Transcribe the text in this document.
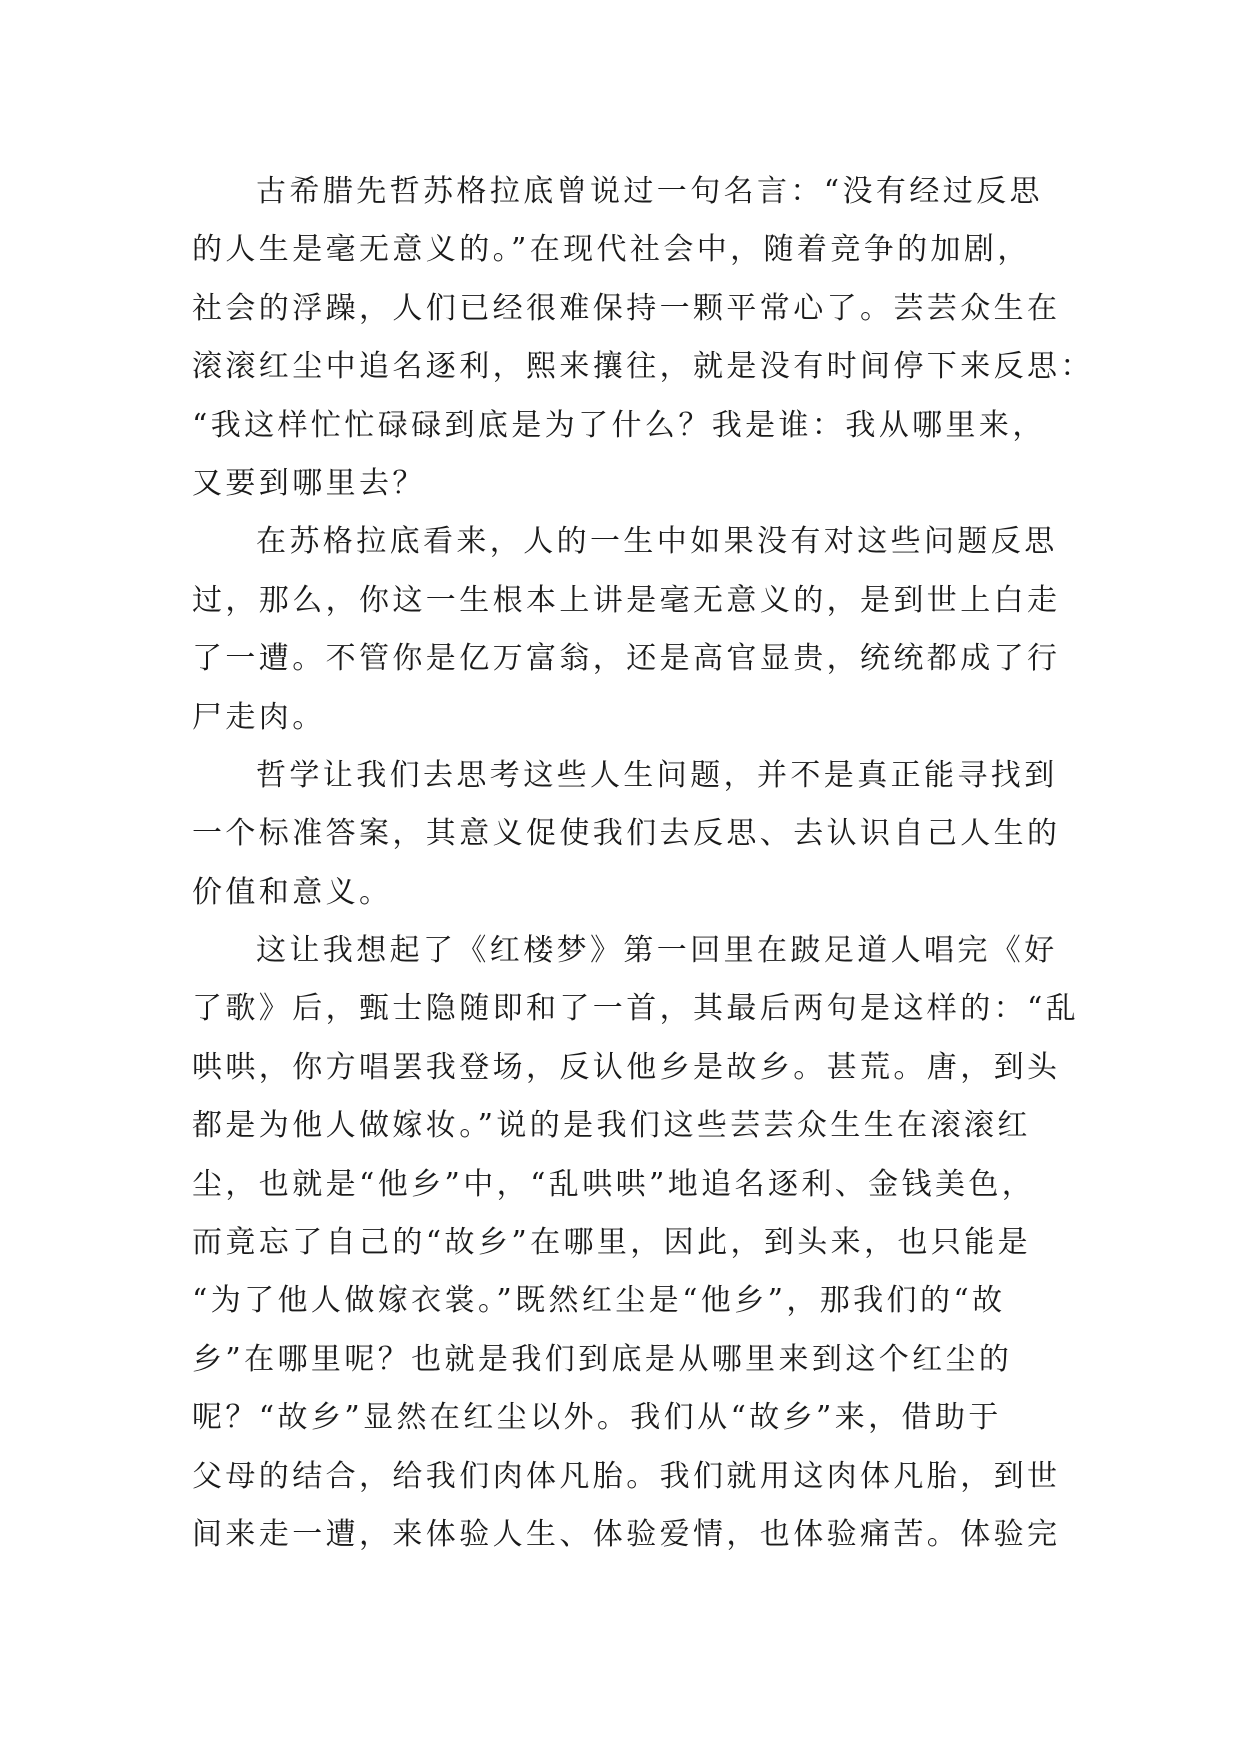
古希腊先哲苏格拉底曾说过一句名言：“没有经过反思
的人生是毫无意义的。”在现代社会中，随着竞争的加剧，
社会的浮躁，人们已经很难保持一颗平常心了。芸芸众生在
滚滚红尘中追名逐利，熙来攘往，就是没有时间停下来反思：
“我这样忙忙碌碌到底是为了什么？我是谁：我从哪里来，
又要到哪里去？
在苏格拉底看来，人的一生中如果没有对这些问题反思
过，那么，你这一生根本上讲是毫无意义的，是到世上白走
了一遭。不管你是亿万富翁，还是高官显贵，统统都成了行
尸走肉。
哲学让我们去思考这些人生问题，并不是真正能寻找到
一个标准答案，其意义促使我们去反思、去认识自己人生的
价值和意义。
这让我想起了《红楼梦》第一回里在跛足道人唱完《好
了歌》后，甄士隐随即和了一首，其最后两句是这样的：“乱
哄哄，你方唱罢我登场，反认他乡是故乡。甚荒。唐，到头
都是为他人做嫁妆。”说的是我们这些芸芸众生生在滚滚红
尘，也就是“他乡”中，“乱哄哄”地追名逐利、金钱美色，
而竟忘了自己的“故乡”在哪里，因此，到头来，也只能是
“为了他人做嫁衣裳。”既然红尘是“他乡”，那我们的“故
乡”在哪里呢？也就是我们到底是从哪里来到这个红尘的
呢？“故乡”显然在红尘以外。我们从“故乡”来，借助于
父母的结合，给我们肉体凡胎。我们就用这肉体凡胎，到世
间来走一遭，来体验人生、体验爱情，也体验痛苦。体验完
